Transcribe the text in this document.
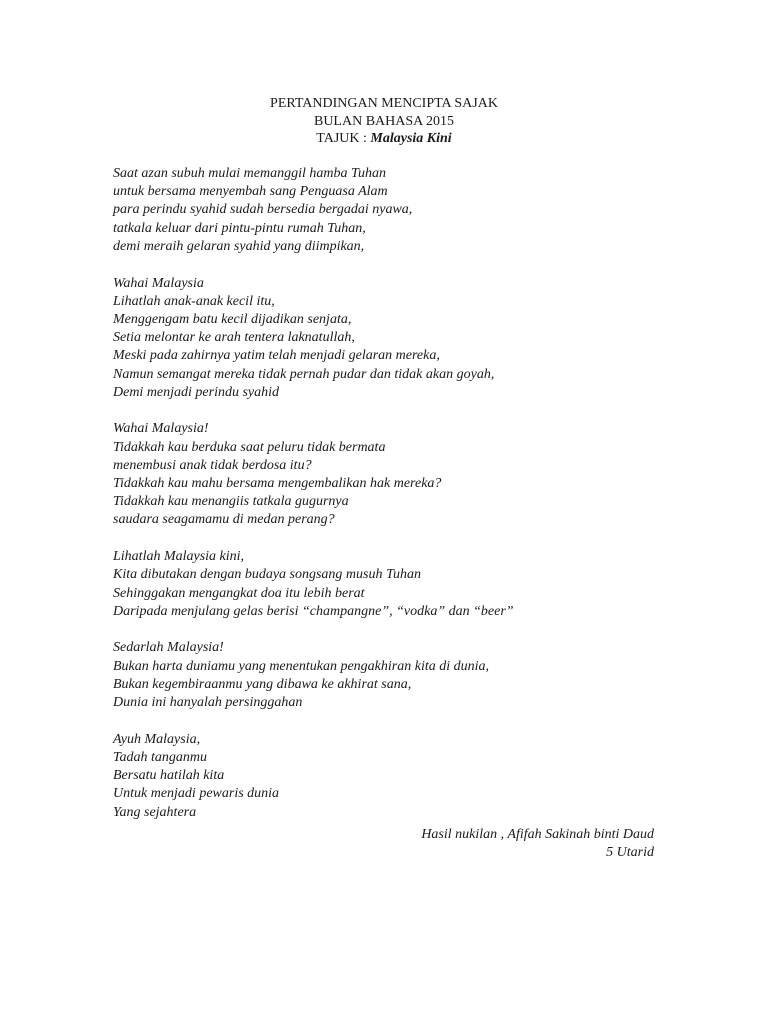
PERTANDINGAN MENCIPTA SAJAK
BULAN BAHASA 2015
TAJUK : Malaysia Kini
Saat azan subuh mulai memanggil hamba Tuhan
untuk bersama menyembah sang Penguasa Alam
para perindu syahid sudah bersedia bergadai nyawa,
tatkala keluar dari pintu-pintu rumah Tuhan,
demi meraih gelaran syahid yang diimpikan,
Wahai Malaysia
Lihatlah anak-anak kecil itu,
Menggengam batu kecil dijadikan senjata,
Setia melontar ke arah tentera laknatullah,
Meski pada zahirnya yatim telah menjadi gelaran mereka,
Namun semangat mereka tidak pernah pudar dan tidak akan goyah,
Demi menjadi perindu syahid
Wahai Malaysia!
Tidakkah kau berduka saat peluru tidak bermata
menembusi anak tidak berdosa itu?
Tidakkah kau mahu bersama mengembalikan hak mereka?
Tidakkah kau menangiis tatkala gugurnya
saudara seagamamu di medan perang?
Lihatlah Malaysia kini,
Kita dibutakan dengan budaya songsang musuh Tuhan
Sehinggakan mengangkat doa itu lebih berat
Daripada menjulang gelas berisi “champangne”, “vodka” dan “beer”
Sedarlah Malaysia!
Bukan harta duniamu yang menentukan pengakhiran kita di dunia,
Bukan kegembiraanmu yang dibawa ke akhirat sana,
Dunia ini hanyalah persinggahan
Ayuh Malaysia,
Tadah tanganmu
Bersatu hatilah kita
Untuk menjadi pewaris dunia
Yang sejahtera
Hasil nukilan , Afifah Sakinah binti Daud
5 Utarid
